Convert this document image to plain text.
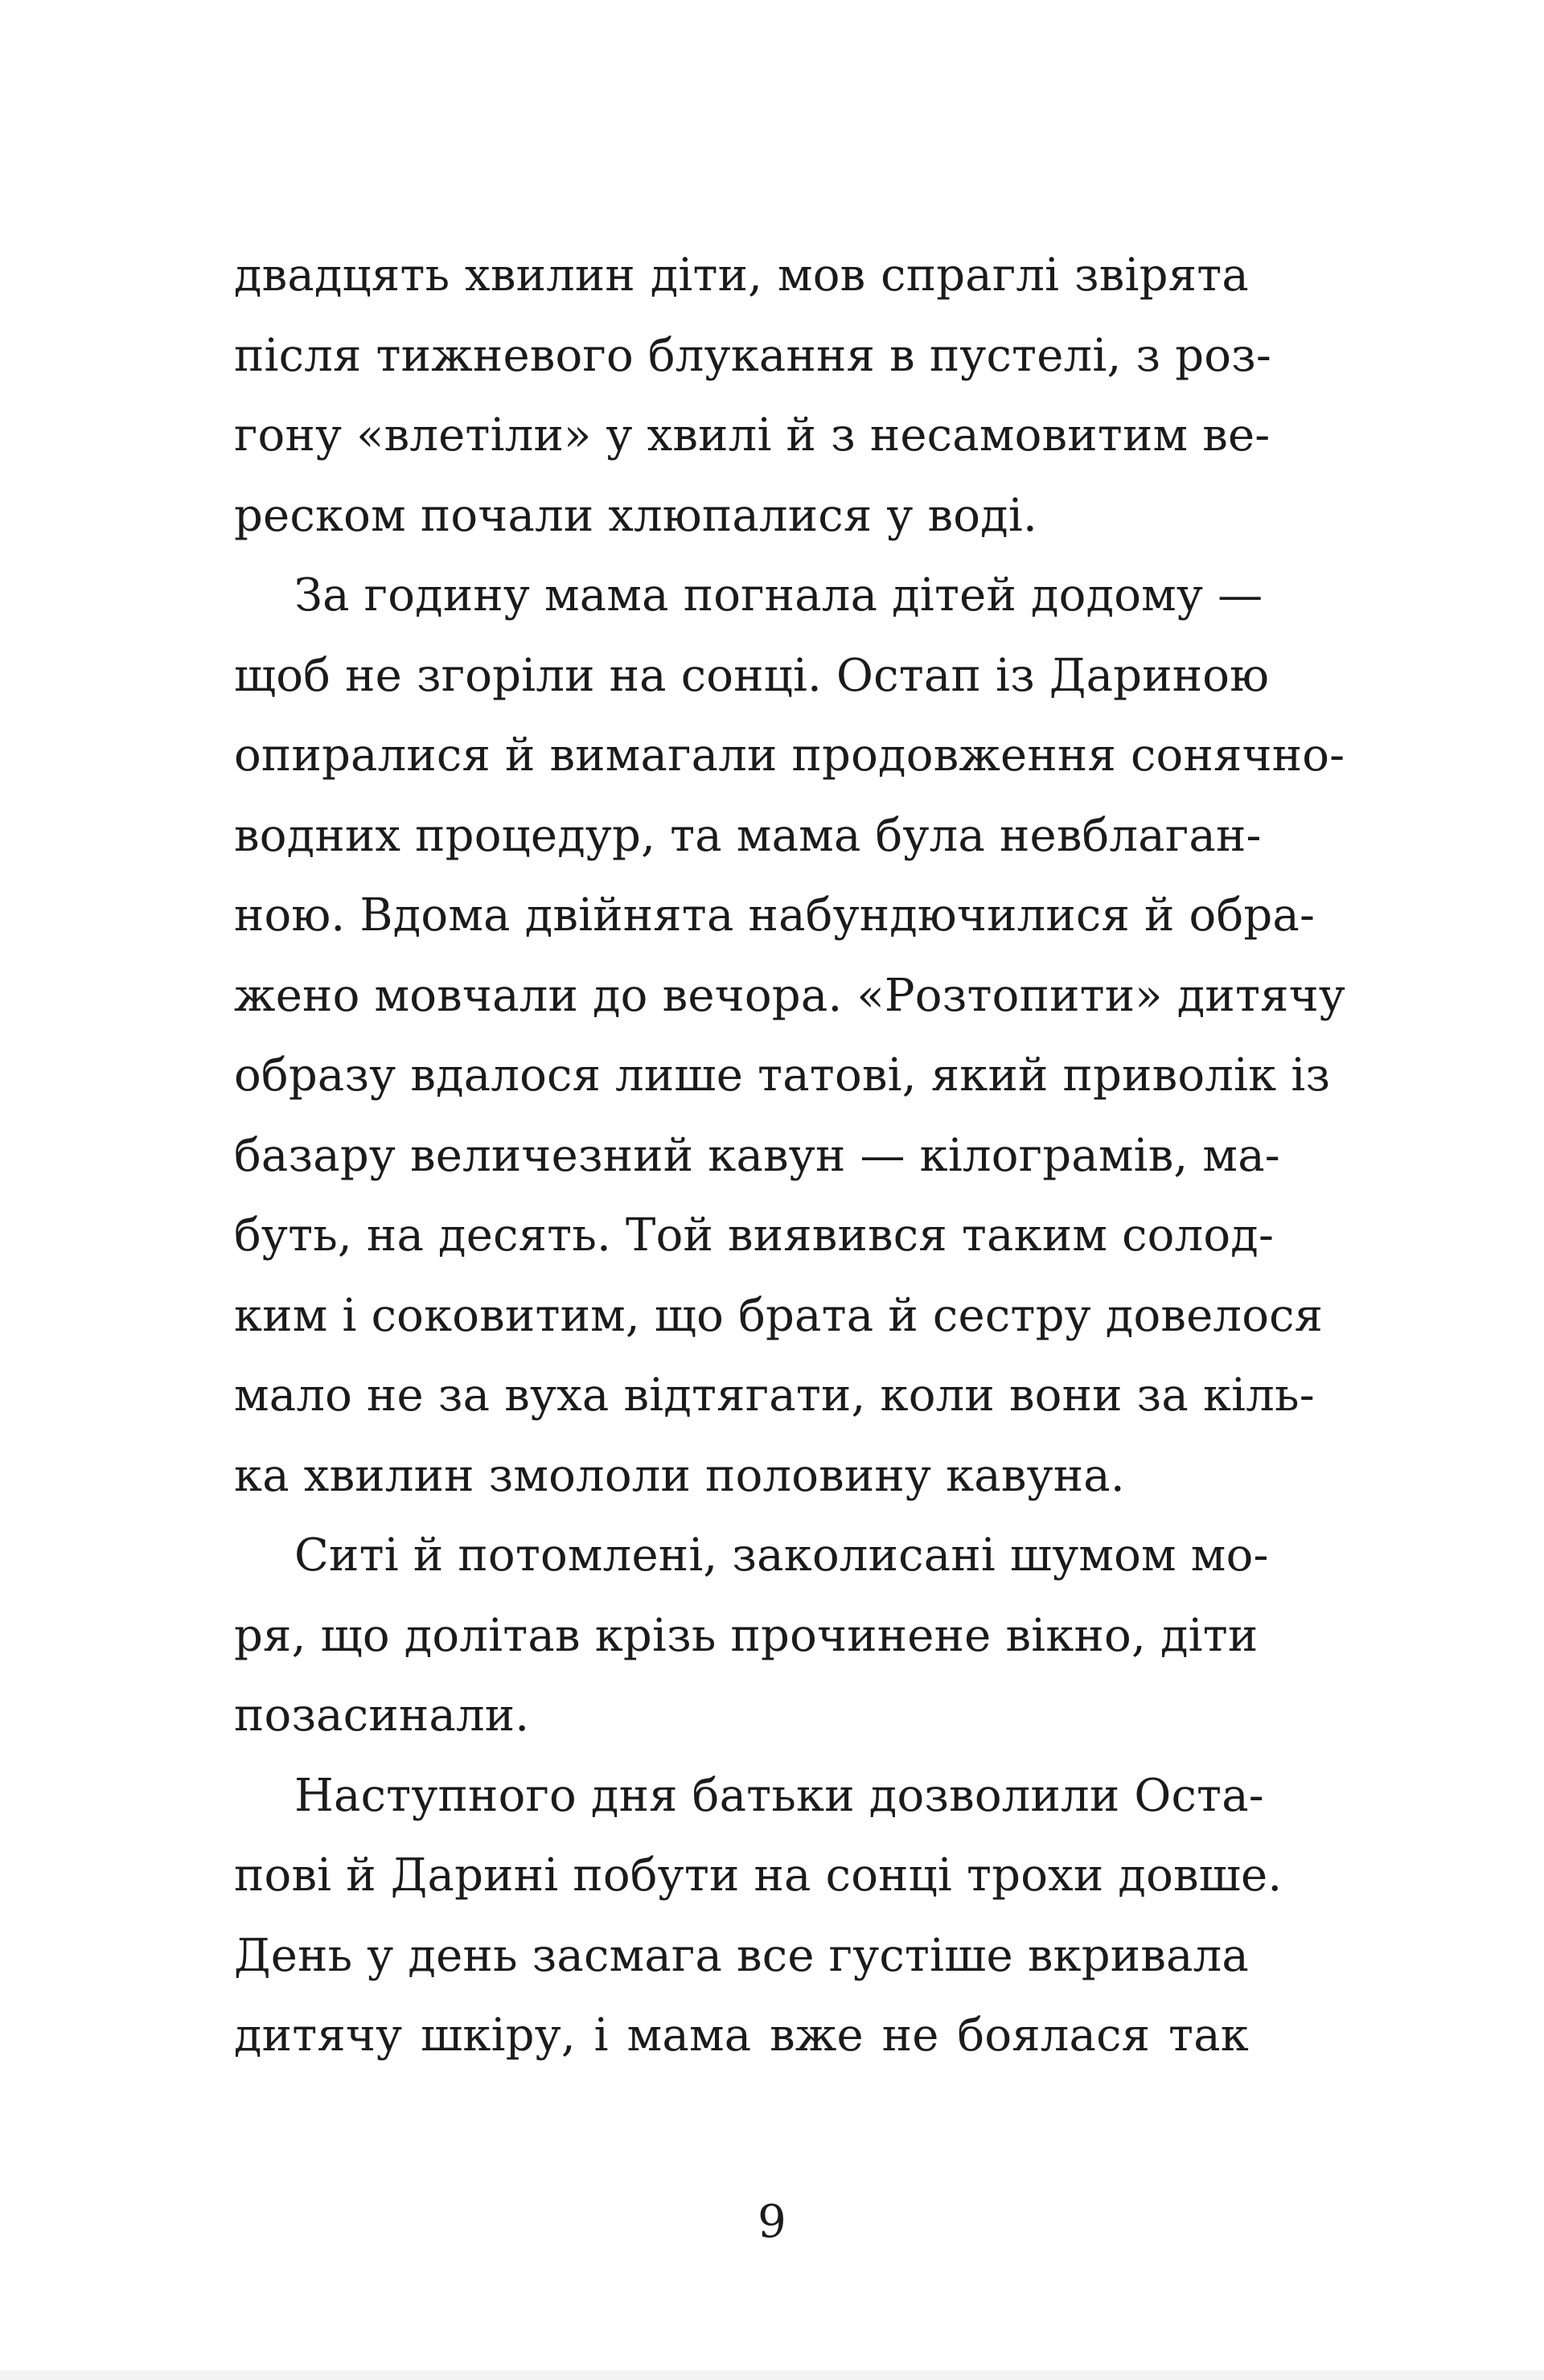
двадцять хвилин діти, мов спраглі звірята
після тижневого блукання в пустелі, з роз-
гону «влетіли» у хвилі й з несамовитим ве-
реском почали хлюпалися у воді.
За годину мама погнала дітей додому —
щоб не згоріли на сонці. Остап із Дариною
опиралися й вимагали продовження сонячно-
водних процедур, та мама була невблаган-
ною. Вдома двійнята набундючилися й обра-
жено мовчали до вечора. «Розтопити» дитячу
образу вдалося лише татові, який приволік із
базару величезний кавун — кілограмів, ма-
буть, на десять. Той виявився таким солод-
ким і соковитим, що брата й сестру довелося
мало не за вуха відтягати, коли вони за кіль-
ка хвилин змололи половину кавуна.
Ситі й потомлені, заколисані шумом мо-
ря, що долітав крізь прочинене вікно, діти
позасинали.
Наступного дня батьки дозволили Оста-
пові й Дарині побути на сонці трохи довше.
День у день засмага все густіше вкривала
дитячу шкіру, і мама вже не боялася так
9
